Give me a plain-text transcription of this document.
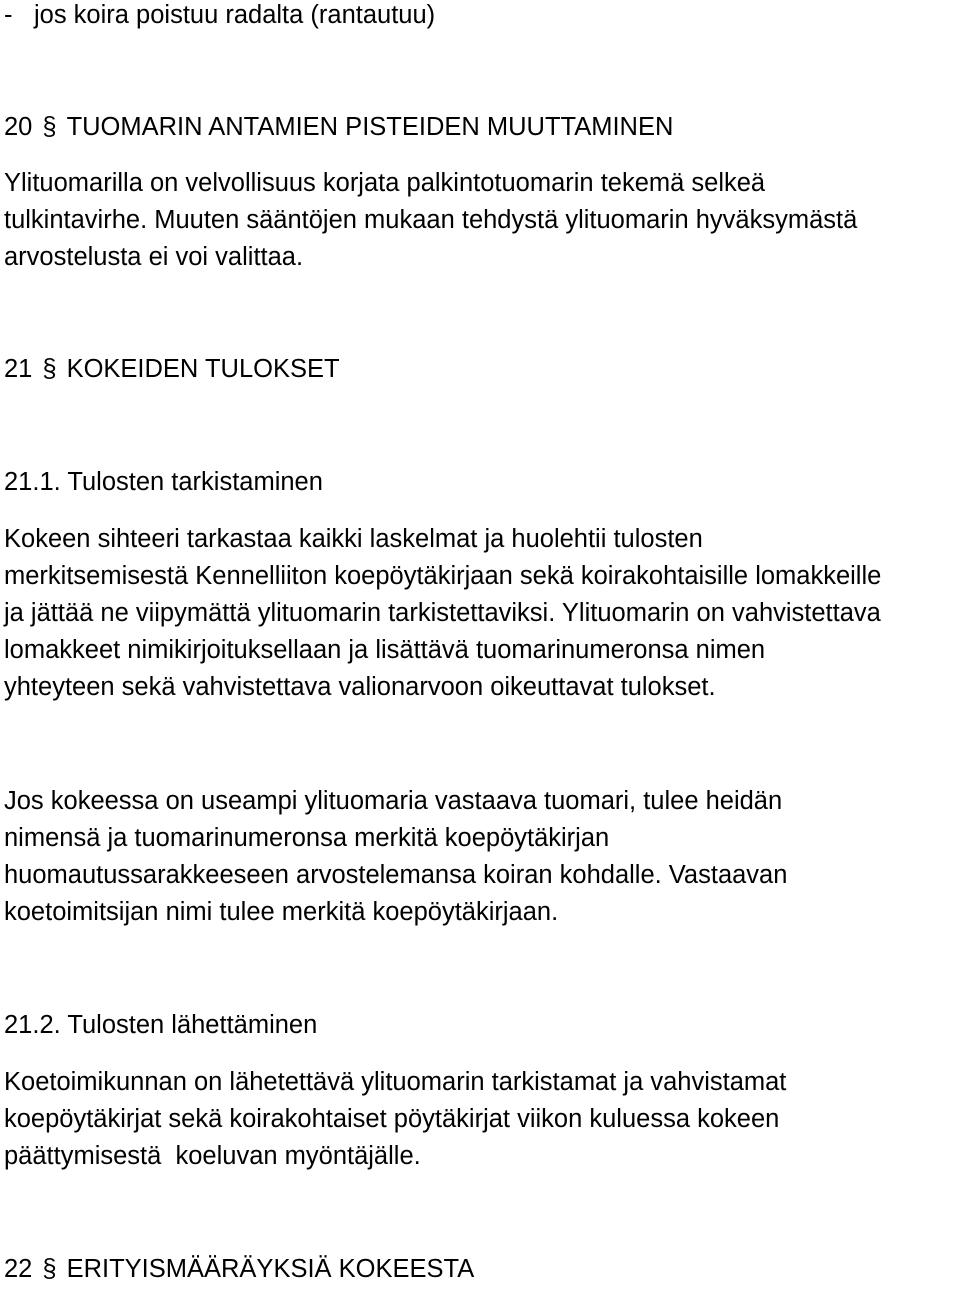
- jos koira poistuu radalta (rantautuu)
20 § TUOMARIN ANTAMIEN PISTEIDEN MUUTTAMINEN
Ylituomarilla on velvollisuus korjata palkintotuomarin tekemä selkeä
tulkintavirhe. Muuten sääntöjen mukaan tehdystä ylituomarin hyväksymästä
arvostelusta ei voi valittaa.
21 § KOKEIDEN TULOKSET
21.1. Tulosten tarkistaminen
Kokeen sihteeri tarkastaa kaikki laskelmat ja huolehtii tulosten
merkitsemisestä Kennelliiton koepöytäkirjaan sekä koirakohtaisille lomakkeille
ja jättää ne viipymättä ylituomarin tarkistettaviksi. Ylituomarin on vahvistettava
lomakkeet nimikirjoituksellaan ja lisättävä tuomarinumeronsa nimen
yhteyteen sekä vahvistettava valionarvoon oikeuttavat tulokset.
Jos kokeessa on useampi ylituomaria vastaava tuomari, tulee heidän
nimensä ja tuomarinumeronsa merkitä koepöytäkirjan
huomautussarakkeeseen arvostelemansa koiran kohdalle. Vastaavan
koetoimitsijan nimi tulee merkitä koepöytäkirjaan.
21.2. Tulosten lähettäminen
Koetoimikunnan on lähetettävä ylituomarin tarkistamat ja vahvistamat
koepöytäkirjat sekä koirakohtaiset pöytäkirjat viikon kuluessa kokeen
päättymisestä  koeluvan myöntäjälle.
22 § ERITYISMÄÄRÄYKSIÄ KOKEESTA
